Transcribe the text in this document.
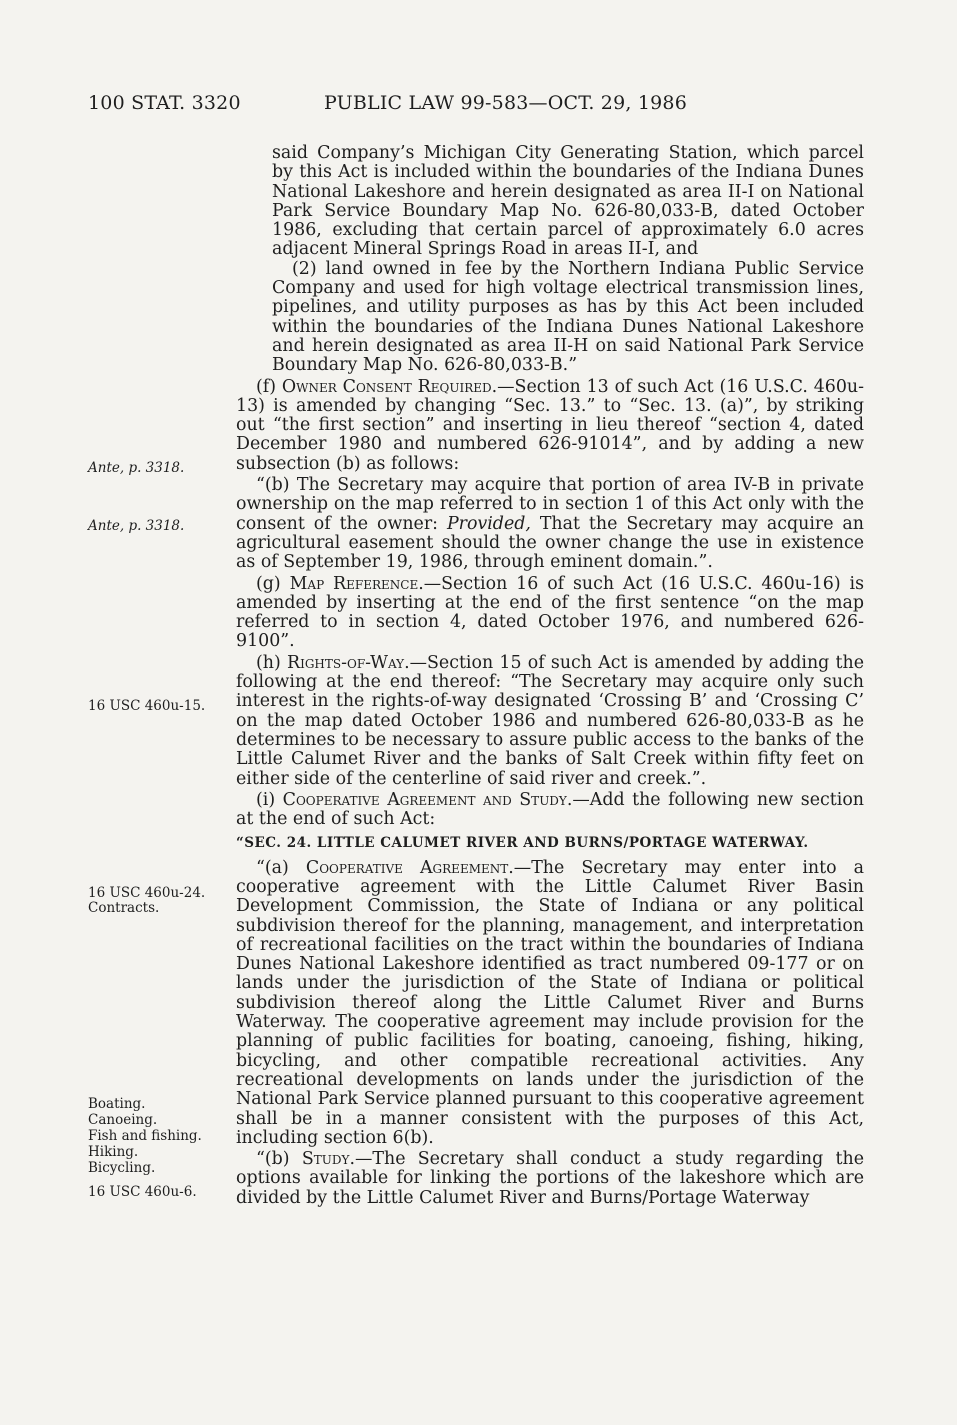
100 STAT. 3320	PUBLIC LAW 99-583—OCT. 29, 1986

said Company’s Michigan City Generating Station, which parcel by this Act is included within the boundaries of the Indiana Dunes National Lakeshore and herein designated as area II-I on National Park Service Boundary Map No. 626-80,033-B, dated October 1986, excluding that certain parcel of approximately 6.0 acres adjacent Mineral Springs Road in areas II-I, and

(2) land owned in fee by the Northern Indiana Public Service Company and used for high voltage electrical transmission lines, pipelines, and utility purposes as has by this Act been included within the boundaries of the Indiana Dunes National Lakeshore and herein designated as area II-H on said National Park Service Boundary Map No. 626-80,033-B.”

(f) Owner Consent Required.—Section 13 of such Act (16 U.S.C. 460u-13) is amended by changing “Sec. 13.” to “Sec. 13. (a)”, by striking out “the first section” and inserting in lieu thereof “section 4, dated December 1980 and numbered 626-91014”, and by adding a new subsection (b) as follows:

“(b) The Secretary may acquire that portion of area IV-B in private ownership on the map referred to in section 1 of this Act only with the consent of the owner: Provided, That the Secretary may acquire an agricultural easement should the owner change the use in existence as of September 19, 1986, through eminent domain.”.

(g) Map Reference.—Section 16 of such Act (16 U.S.C. 460u-16) is amended by inserting at the end of the first sentence “on the map referred to in section 4, dated October 1976, and numbered 626-9100”.

(h) Rights-of-Way.—Section 15 of such Act is amended by adding the following at the end thereof: “The Secretary may acquire only such interest in the rights-of-way designated ‘Crossing B’ and ‘Crossing C’ on the map dated October 1986 and numbered 626-80,033-B as he determines to be necessary to assure public access to the banks of the Little Calumet River and the banks of Salt Creek within fifty feet on either side of the centerline of said river and creek.”.

(i) Cooperative Agreement and Study.—Add the following new section at the end of such Act:

“SEC. 24. LITTLE CALUMET RIVER AND BURNS/PORTAGE WATERWAY.

“(a) Cooperative Agreement.—The Secretary may enter into a cooperative agreement with the Little Calumet River Basin Development Commission, the State of Indiana or any political subdivision thereof for the planning, management, and interpretation of recreational facilities on the tract within the boundaries of Indiana Dunes National Lakeshore identified as tract numbered 09-177 or on lands under the jurisdiction of the State of Indiana or political subdivision thereof along the Little Calumet River and Burns Waterway. The cooperative agreement may include provision for the planning of public facilities for boating, canoeing, fishing, hiking, bicycling, and other compatible recreational activities. Any recreational developments on lands under the jurisdiction of the National Park Service planned pursuant to this cooperative agreement shall be in a manner consistent with the purposes of this Act, including section 6(b).

“(b) Study.—The Secretary shall conduct a study regarding the options available for linking the portions of the lakeshore which are divided by the Little Calumet River and Burns/Portage Waterway

Ante, p. 3318.
Ante, p. 3318.
16 USC 460u-15.
16 USC 460u-24.
Contracts.
Boating.
Canoeing.
Fish and fishing.
Hiking.
Bicycling.
16 USC 460u-6.
